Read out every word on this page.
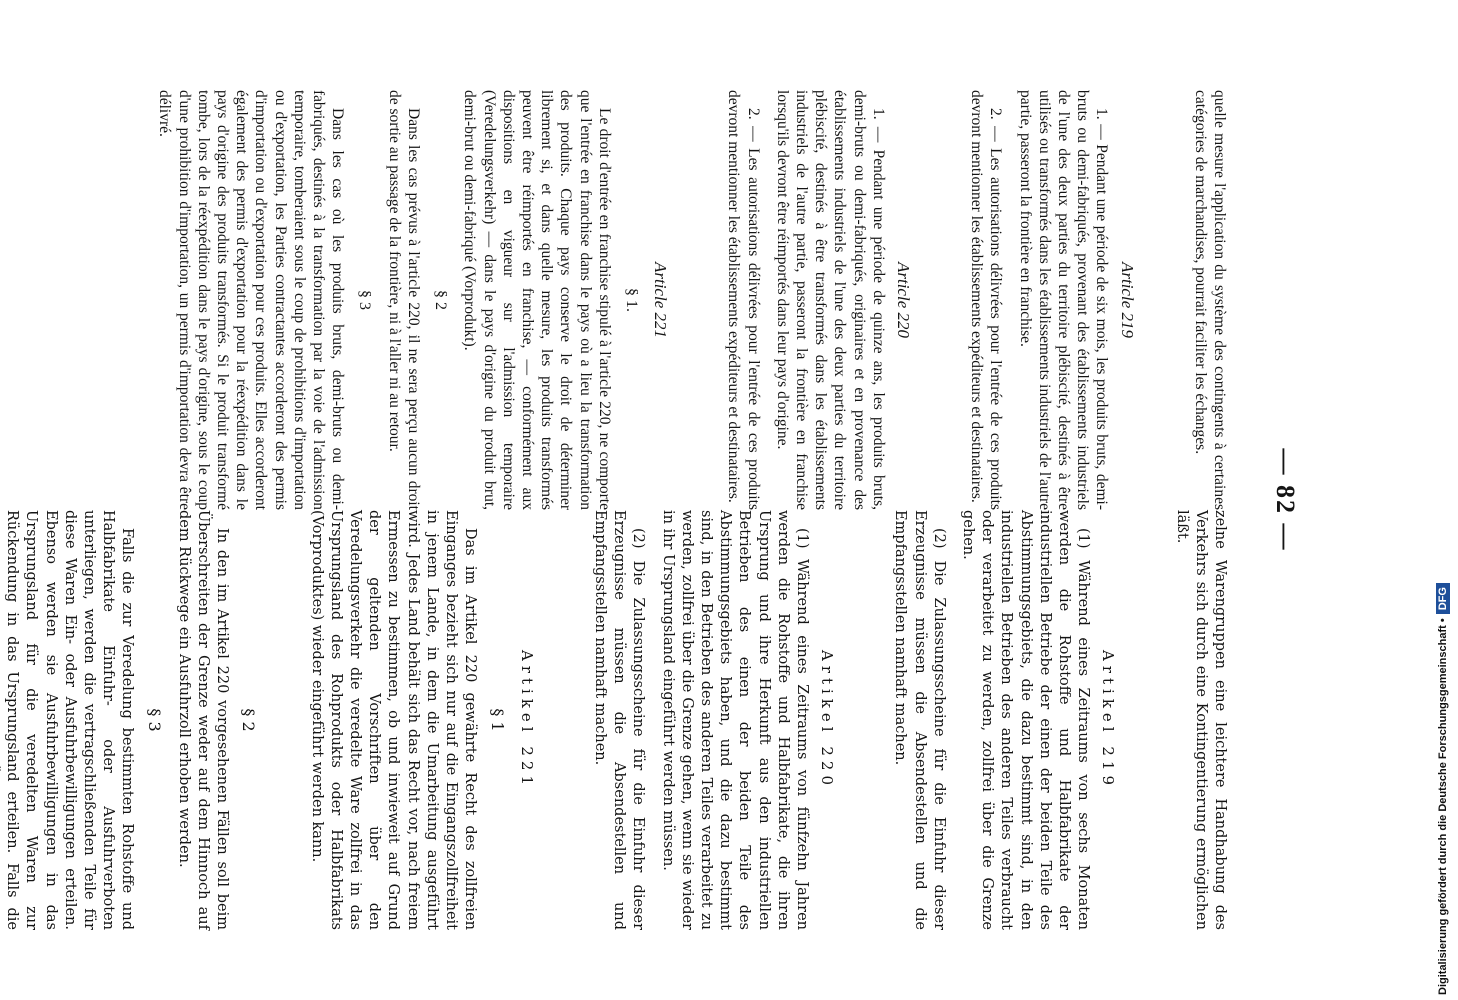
— 82 —

quelle mesure l'application du système des contingents à certaines catégories de marchandises, pourrait faciliter les échanges.

Article 219

1. — Pendant une période de six mois, les produits bruts, demi-bruts ou demi-fabriqués, provenant des établissements industriels de l'une des deux parties du territoire plébiscité, destinés à être utilisés ou transformés dans les établissements industriels de l'autre partie, passeront la frontière en franchise.

2. — Les autorisations délivrées pour l'entrée de ces produits devront mentionner les établissements expéditeurs et destinataires.

Article 220

1. — Pendant une période de quinze ans, les produits bruts, demi-bruts ou demi-fabriqués, originaires et en provenance des établissements industriels de l'une des deux parties du territoire plébiscité, destinés à être transformés dans les établissements industriels de l'autre partie, passeront la frontière en franchise lorsqu'ils devront être réimportés dans leur pays d'origine.

2. — Les autorisations délivrées pour l'entrée de ces produits devront mentionner les établissements expéditeurs et destinataires.

Article 221
§ 1.

Le droit d'entrée en franchise stipulé à l'article 220, ne comporte que l'entrée en franchise dans le pays où a lieu la transformation des produits. Chaque pays conserve le droit de déterminer librement si, et dans quelle mesure, les produits transformés peuvent être réimportés en franchise, — conformément aux dispositions en vigueur sur l'admission temporaire (Veredelungsverkehr) — dans le pays d'origine du produit brut, demi-brut ou demi-fabriqué (Vorprodukt).

§ 2

Dans les cas prévus à l'article 220, il ne sera perçu aucun droit de sortie au passage de la frontière, ni à l'aller ni au retour.

§ 3

Dans les cas où les produits bruts, demi-bruts ou demi-fabriqués, destinés à la transformation par la voie de l'admission temporaire, tomberaient sous le coup de prohibitions d'importation ou d'exportation, les Parties contractantes accorderont des permis d'importation ou d'exportation pour ces produits. Elles accorderont également des permis d'exportation pour la réexpédition dans le pays d'origine des produits transformés. Si le produit transformé tombe, lors de la réexpédition dans le pays d'origine, sous le coup d'une prohibition d'importation, un permis d'importation devra être délivré.

zelne Warengruppen eine leichtere Handhabung des Verkehrs sich durch eine Kontingentierung ermöglichen läßt.

Artikel 219

(1) Während eines Zeitraums von sechs Monaten werden die Rohstoffe und Halbfabrikate der industriellen Betriebe der einen der beiden Teile des Abstimmungsgebiets, die dazu bestimmt sind, in den industriellen Betrieben des anderen Teiles verbraucht oder verarbeitet zu werden, zollfrei über die Grenze gehen.

(2) Die Zulassungsscheine für die Einfuhr dieser Erzeugnisse müssen die Absendestellen und die Empfangsstellen namhaft machen.

Artikel 220

(1) Während eines Zeitraums von fünfzehn Jahren werden die Rohstoffe und Halbfabrikate, die ihren Ursprung und ihre Herkunft aus den industriellen Betrieben des einen der beiden Teile des Abstimmungsgebiets haben, und die dazu bestimmt sind, in den Betrieben des anderen Teiles verarbeitet zu werden, zollfrei über die Grenze gehen, wenn sie wieder in ihr Ursprungsland eingeführt werden müssen.

(2) Die Zulassungsscheine für die Einfuhr dieser Erzeugnisse müssen die Absendestellen und Empfangsstellen namhaft machen.

Artikel 221
§ 1

Das im Artikel 220 gewährte Recht des zollfreien Einganges bezieht sich nur auf die Eingangszollfreiheit in jenem Lande, in dem die Umarbeitung ausgeführt wird. Jedes Land behält sich das Recht vor, nach freiem Ermessen zu bestimmen, ob und inwieweit auf Grund der geltenden Vorschriften über den Veredelungsverkehr die veredelte Ware zollfrei in das Ursprungsland des Rohprodukts oder Halbfabrikats (Vorproduktes) wieder eingeführt werden kann.

§ 2

In den im Artikel 220 vorgesehenen Fällen soll beim Überschreiten der Grenze weder auf dem Hinnoch auf dem Rückwege ein Ausfuhrzoll erhoben werden.

§ 3

Falls die zur Veredelung bestimmten Rohstoffe und Halbfabrikate Einfuhr- oder Ausfuhrverboten unterliegen, werden die vertragschließenden Teile für diese Waren Ein- oder Ausfuhrbewilligungen erteilen. Ebenso werden sie Ausfuhrbewilligungen in das Ursprungsland für die veredelten Waren zur Rückendung in das Ursprungsland erteilen. Falls die	Digitalisierung gefördert durch die Deutsche Forschungsgemeinschaft •DFG
